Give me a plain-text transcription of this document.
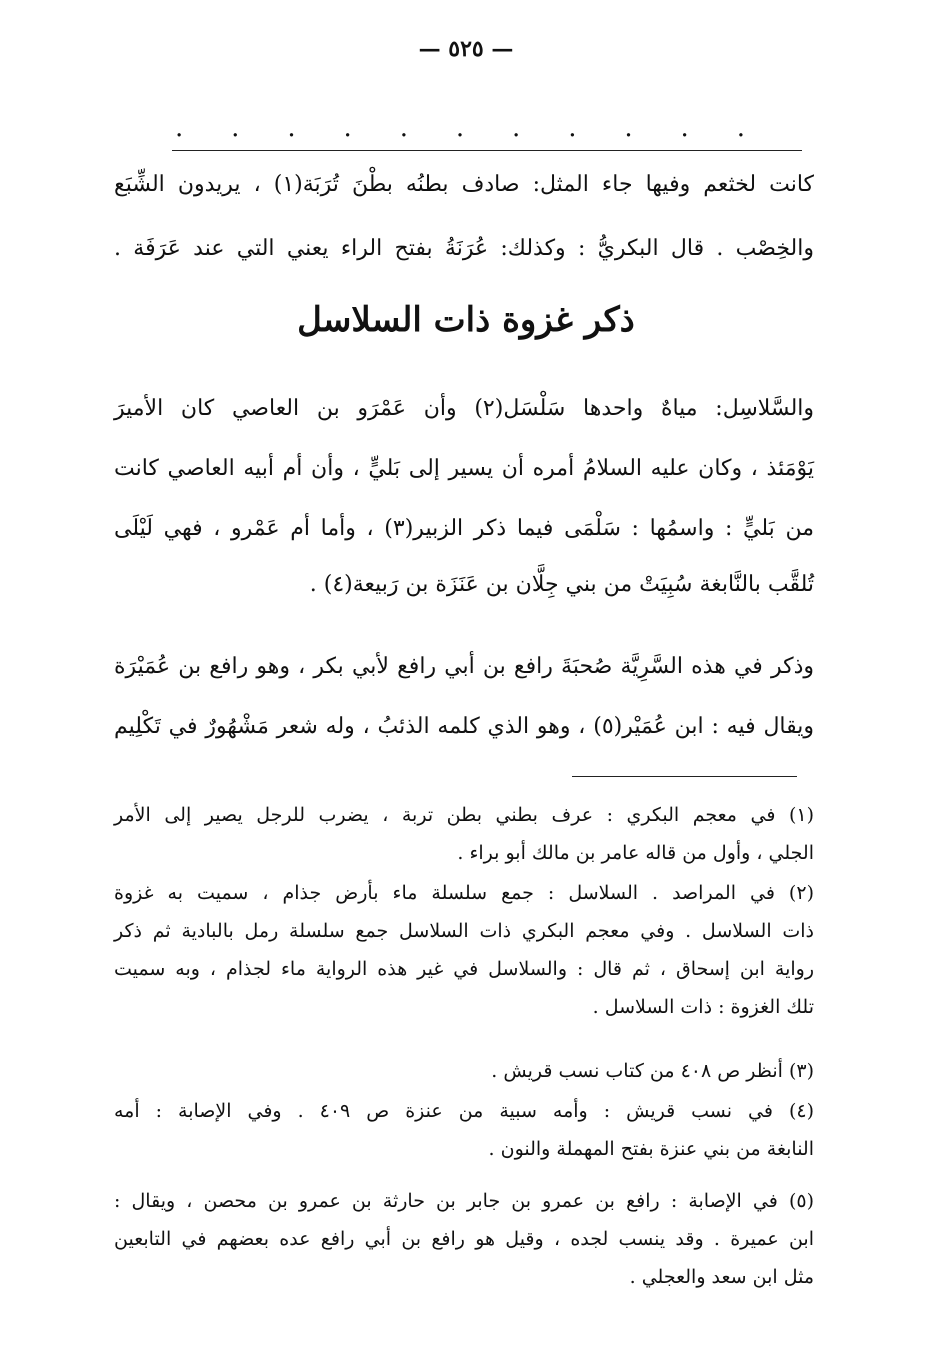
— ٥٢٥ —
. . . . . . . . . . .

كانت لخثعم وفيها جاء المثل: صادف بطنُه بطْنَ تُرَبَة(١) ، يريدون الشِّبَع

والخِصْب . قال البكريُّ : وكذلك: عُرَنَةُ بفتح الراء يعني التي عند عَرَفَة .

ذكر غزوة ذات السلاسل

والسَّلاسِل: مياهٌ واحدها سَلْسَل(٢) وأن عَمْرَو بن العاصي كان الأميرَ

يَوْمَئذ ، وكان عليه السلامُ أمره أن يسير إلى بَليٍّ ، وأن أم أبيه العاصي كانت

من بَليٍّ : واسمُها : سَلْمَى فيما ذكر الزبير(٣) ، وأما أم عَمْرو ، فهي لَيْلَى

تُلقَّب بالنَّابغة سُبِيَتْ من بني جِلَّان بن عَنَزَة بن رَبيعة(٤) .

وذكر في هذه السَّرِيَّة صُحبَةَ رافع بن أبي رافع لأبي بكر ، وهو رافع بن عُمَيْرَة

ويقال فيه : ابن عُمَيْر(٥) ، وهو الذي كلمه الذئبُ ، وله شعر مَشْهُورٌ في تَكْلِيم

(١) في معجم البكري : عرف بطني بطن تربة ، يضرب للرجل يصير إلى الأمر
الجلي ، وأول من قاله عامر بن مالك أبو براء .
(٢) في المراصد . السلاسل : جمع سلسلة ماء بأرض جذام ، سميت به غزوة
ذات السلاسل . وفي معجم البكري ذات السلاسل جمع سلسلة رمل بالبادية ثم ذكر
رواية ابن إسحاق ، ثم قال : والسلاسل في غير هذه الرواية ماء لجذام ، وبه سميت
تلك الغزوة : ذات السلاسل .
(٣) أنظر ص ٤٠٨ من كتاب نسب قريش .
(٤) في نسب قريش : وأمه سبية من عنزة ص ٤٠٩ . وفي الإصابة : أمه
النابغة من بني عنزة بفتح المهملة والنون .
(٥) في الإصابة : رافع بن عمرو بن جابر بن حارثة بن عمرو بن محصن ، ويقال :
ابن عميرة . وقد ينسب لجده ، وقيل هو رافع بن أبي رافع عده بعضهم في التابعين
مثل ابن سعد والعجلي .
